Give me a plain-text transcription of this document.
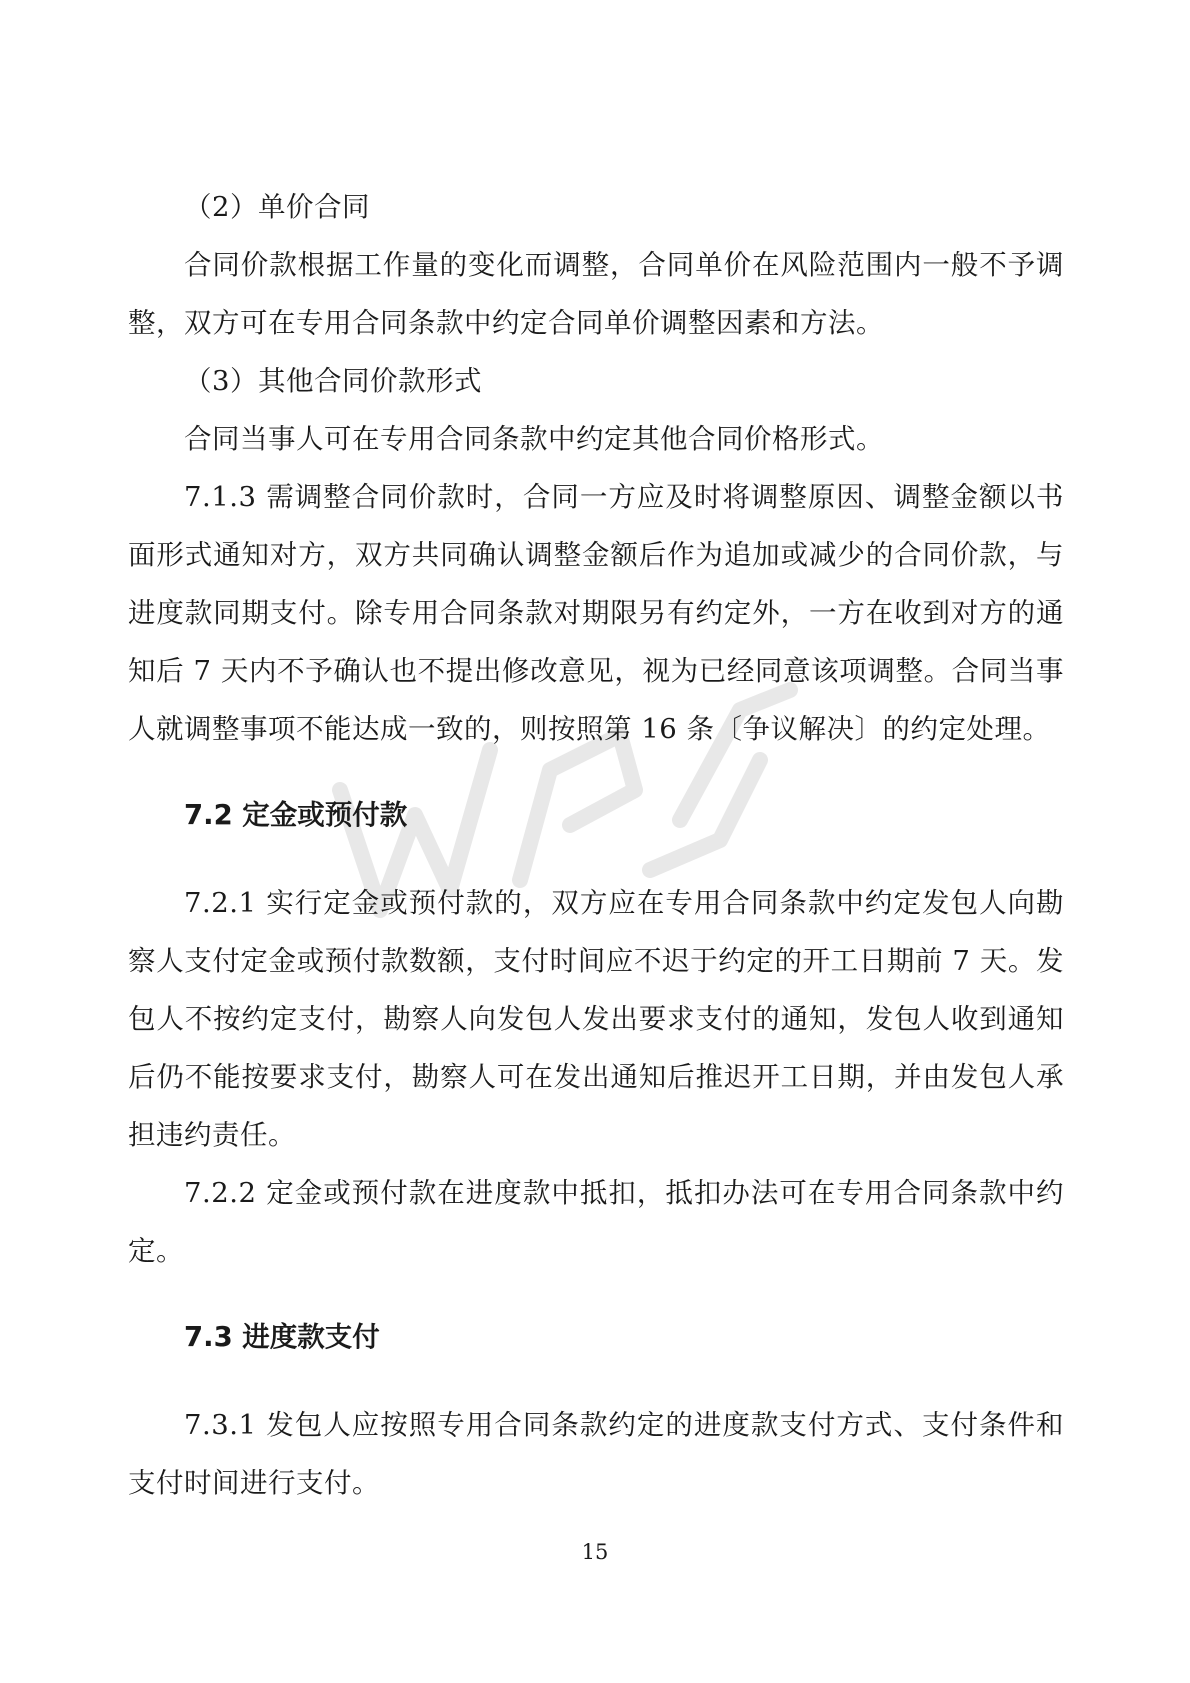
（2）单价合同

合同价款根据工作量的变化而调整，合同单价在风险范围内一般不予调整，双方可在专用合同条款中约定合同单价调整因素和方法。

（3）其他合同价款形式

合同当事人可在专用合同条款中约定其他合同价格形式。

7.1.3 需调整合同价款时，合同一方应及时将调整原因、调整金额以书面形式通知对方，双方共同确认调整金额后作为追加或减少的合同价款，与进度款同期支付。除专用合同条款对期限另有约定外，一方在收到对方的通知后 7 天内不予确认也不提出修改意见，视为已经同意该项调整。合同当事人就调整事项不能达成一致的，则按照第 16 条〔争议解决〕的约定处理。

7.2 定金或预付款

7.2.1 实行定金或预付款的，双方应在专用合同条款中约定发包人向勘察人支付定金或预付款数额，支付时间应不迟于约定的开工日期前 7 天。发包人不按约定支付，勘察人向发包人发出要求支付的通知，发包人收到通知后仍不能按要求支付，勘察人可在发出通知后推迟开工日期，并由发包人承担违约责任。

7.2.2 定金或预付款在进度款中抵扣，抵扣办法可在专用合同条款中约定。

7.3 进度款支付

7.3.1 发包人应按照专用合同条款约定的进度款支付方式、支付条件和支付时间进行支付。

15
